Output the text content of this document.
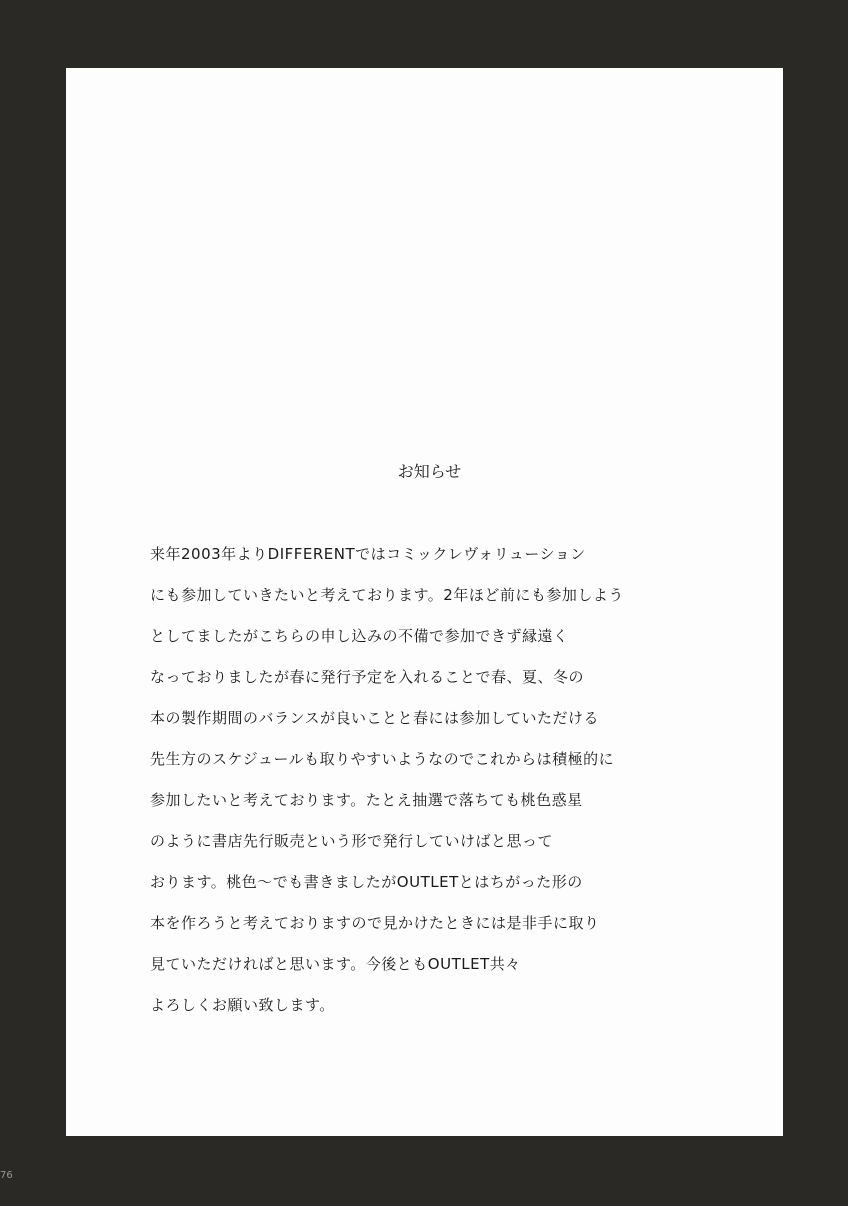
お知らせ
来年2003年よりDIFFERENTではコミックレヴォリューション
にも参加していきたいと考えております。2年ほど前にも参加しよう
としてましたがこちらの申し込みの不備で参加できず縁遠く
なっておりましたが春に発行予定を入れることで春、夏、冬の
本の製作期間のバランスが良いことと春には参加していただける
先生方のスケジュールも取りやすいようなのでこれからは積極的に
参加したいと考えております。たとえ抽選で落ちても桃色惑星
のように書店先行販売という形で発行していけばと思って
おります。桃色～でも書きましたがOUTLETとはちがった形の
本を作ろうと考えておりますので見かけたときには是非手に取り
見ていただければと思います。今後ともOUTLET共々
よろしくお願い致します。
76
